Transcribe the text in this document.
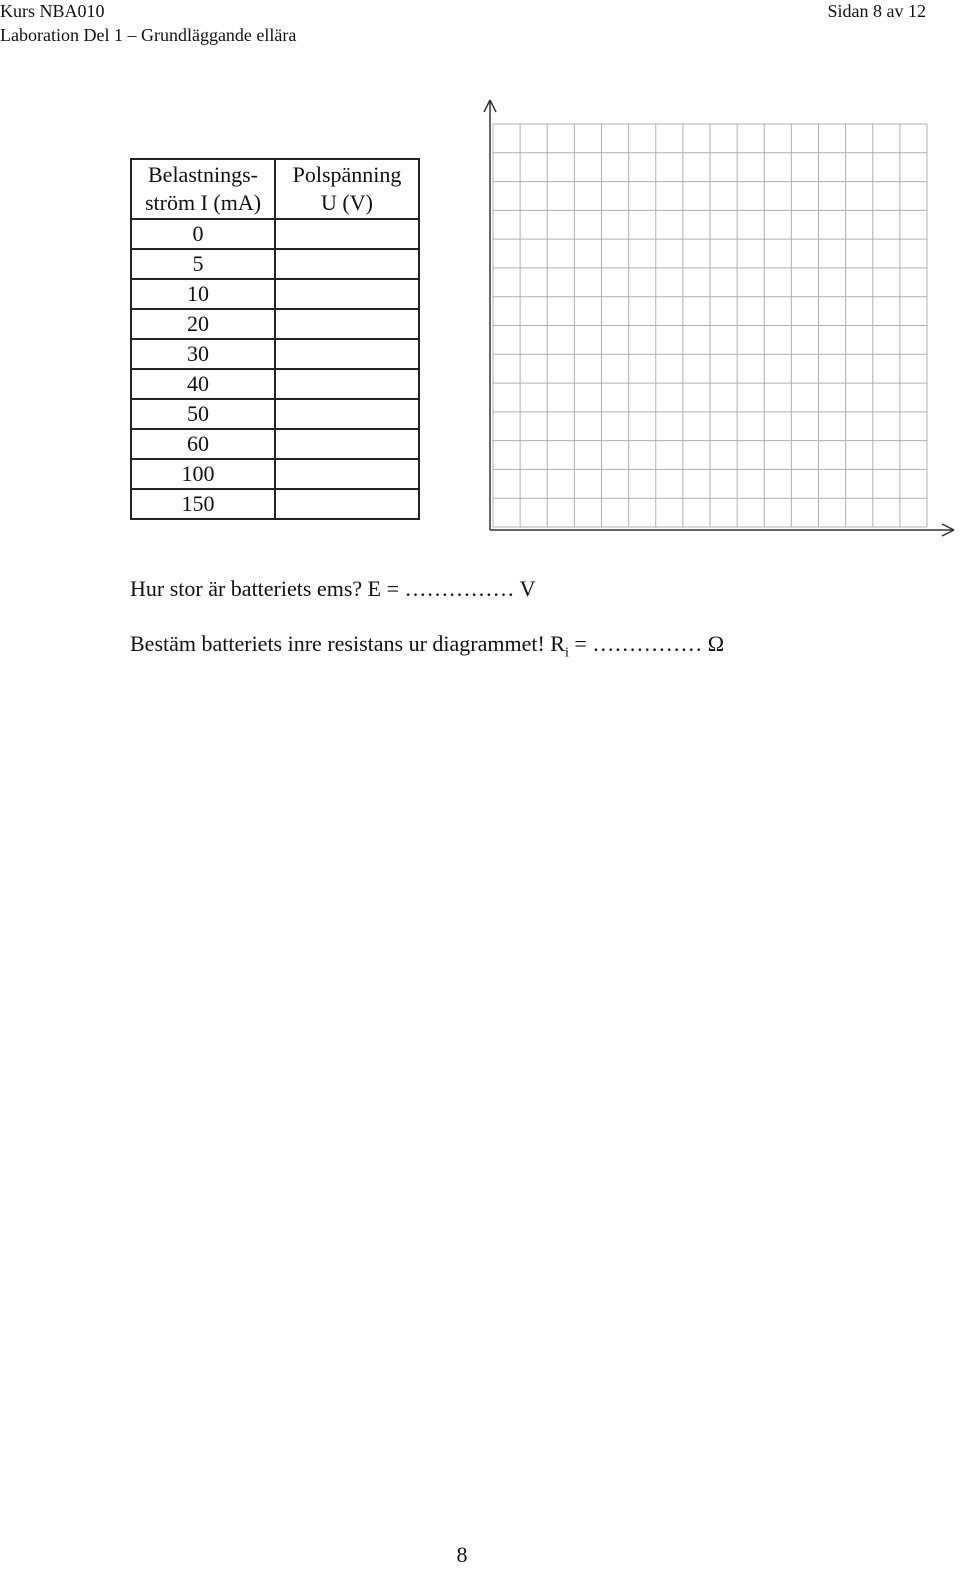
Kurs NBA010
Laboration Del 1 – Grundläggande ellära
Sidan 8 av 12
Belastnings-
ström I (mA)	Polspänning
U (V)
0	
5	
10	
20	
30	
40	
50	
60	
100	
150	
Hur stor är batteriets ems? E = …………… V
Bestäm batteriets inre resistans ur diagrammet! $R_i$ = …………… Ω
8
